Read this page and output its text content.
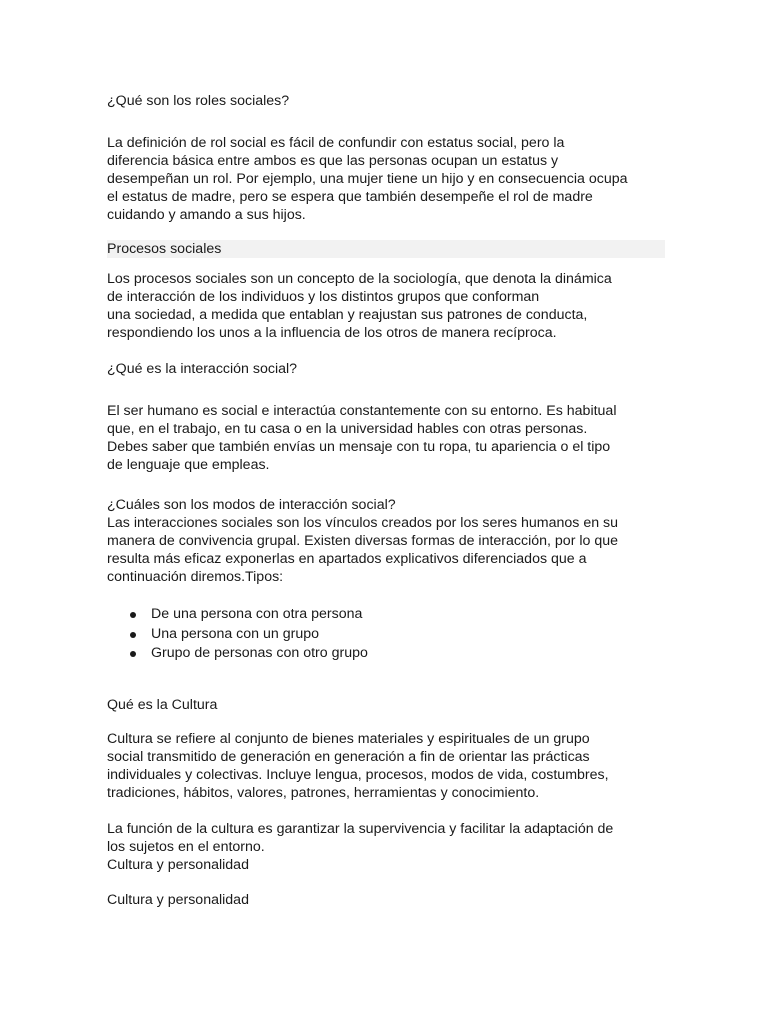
¿Qué son los roles sociales?

La definición de rol social es fácil de confundir con estatus social, pero la
diferencia básica entre ambos es que las personas ocupan un estatus y
desempeñan un rol. Por ejemplo, una mujer tiene un hijo y en consecuencia ocupa
el estatus de madre, pero se espera que también desempeñe el rol de madre
cuidando y amando a sus hijos.

Procesos sociales

Los procesos sociales son un concepto de la sociología, que denota la dinámica
de interacción de los individuos y los distintos grupos que conforman
una sociedad, a medida que entablan y reajustan sus patrones de conducta,
respondiendo los unos a la influencia de los otros de manera recíproca.

¿Qué es la interacción social?

El ser humano es social e interactúa constantemente con su entorno. Es habitual
que, en el trabajo, en tu casa o en la universidad hables con otras personas.
Debes saber que también envías un mensaje con tu ropa, tu apariencia o el tipo
de lenguaje que empleas.

¿Cuáles son los modos de interacción social?

Las interacciones sociales son los vínculos creados por los seres humanos en su
manera de convivencia grupal. Existen diversas formas de interacción, por lo que
resulta más eficaz exponerlas en apartados explicativos diferenciados que a
continuación diremos.Tipos:
De una persona con otra persona
Una persona con un grupo
Grupo de personas con otro grupo

Qué es la Cultura

Cultura se refiere al conjunto de bienes materiales y espirituales de un grupo
social transmitido de generación en generación a fin de orientar las prácticas
individuales y colectivas. Incluye lengua, procesos, modos de vida, costumbres,
tradiciones, hábitos, valores, patrones, herramientas y conocimiento.
La función de la cultura es garantizar la supervivencia y facilitar la adaptación de
los sujetos en el entorno.

Cultura y personalidad

Cultura y personalidad
